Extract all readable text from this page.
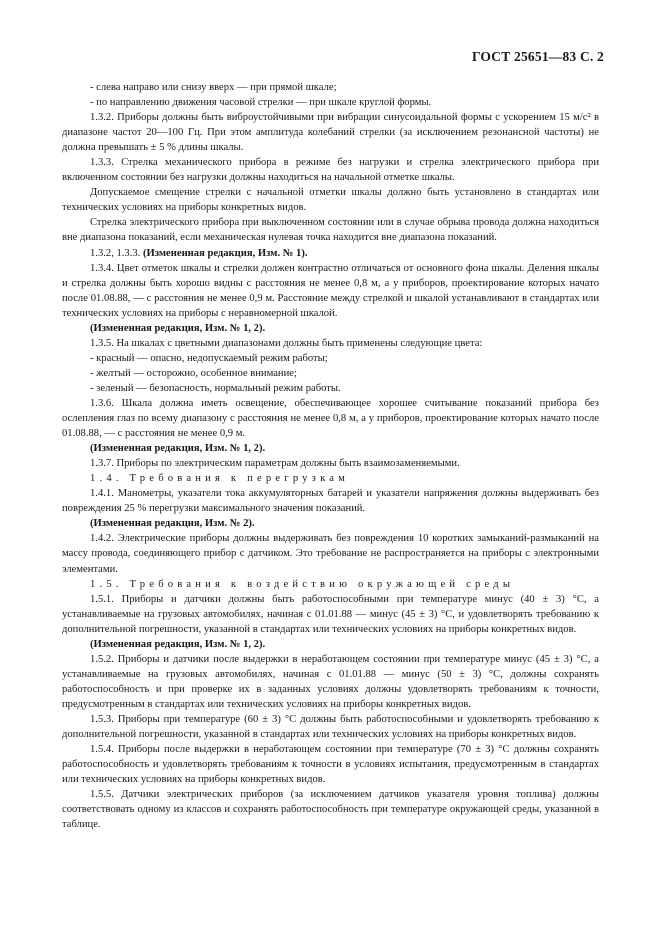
ГОСТ 25651—83 С. 2

- слева направо или снизу вверх — при прямой шкале;

- по направлению движения часовой стрелки — при шкале круглой формы.

1.3.2. Приборы должны быть виброустойчивыми при вибрации синусоидальной формы с ускорением 15 м/с² в диапазоне частот 20—100 Гц. При этом амплитуда колебаний стрелки (за исключением резонансной частоты) не должна превышать ± 5 % длины шкалы.

1.3.3. Стрелка механического прибора в режиме без нагрузки и стрелка электрического прибора при включенном состоянии без нагрузки должны находиться на начальной отметке шкалы.

Допускаемое смещение стрелки с начальной отметки шкалы должно быть установлено в стандартах или технических условиях на приборы конкретных видов.

Стрелка электрического прибора при выключенном состоянии или в случае обрыва провода должна находиться вне диапазона показаний, если механическая нулевая точка находится вне диапазона показаний.

1.3.2, 1.3.3. (Измененная редакция, Изм. № 1).

1.3.4. Цвет отметок шкалы и стрелки должен контрастно отличаться от основного фона шкалы. Деления шкалы и стрелка должны быть хорошо видны с расстояния не менее 0,8 м, а у приборов, проектирование которых начато после 01.08.88, — с расстояния не менее 0,9 м. Расстояние между стрелкой и шкалой устанавливают в стандартах или технических условиях на приборы с неравномерной шкалой.

(Измененная редакция, Изм. № 1, 2).

1.3.5. На шкалах с цветными диапазонами должны быть применены следующие цвета:

- красный — опасно, недопускаемый режим работы;

- желтый — осторожно, особенное внимание;

- зеленый — безопасность, нормальный режим работы.

1.3.6. Шкала должна иметь освещение, обеспечивающее хорошее считывание показаний прибора без ослепления глаз по всему диапазону с расстояния не менее 0,8 м, а у приборов, проектирование которых начато после 01.08.88, — с расстояния не менее 0,9 м.

(Измененная редакция, Изм. № 1, 2).

1.3.7. Приборы по электрическим параметрам должны быть взаимозаменяемыми.

1.4. Требования к перегрузкам

1.4.1. Манометры, указатели тока аккумуляторных батарей и указатели напряжения должны выдерживать без повреждения 25 % перегрузки максимального значения показаний.

(Измененная редакция, Изм. № 2).

1.4.2. Электрические приборы должны выдерживать без повреждения 10 коротких замыканий-размыканий на массу провода, соединяющего прибор с датчиком. Это требование не распространяется на приборы с электронными элементами.

1.5. Требования к воздействию окружающей среды

1.5.1. Приборы и датчики должны быть работоспособными при температуре минус (40 ± 3) °С, а устанавливаемые на грузовых автомобилях, начиная с 01.01.88 — минус (45 ± 3) °С, и удовлетворять требованию к дополнительной погрешности, указанной в стандартах или технических условиях на приборы конкретных видов.

(Измененная редакция, Изм. № 1, 2).

1.5.2. Приборы и датчики после выдержки в неработающем состоянии при температуре минус (45 ± 3) °С, а устанавливаемые на грузовых автомобилях, начиная с 01.01.88 — минус (50 ± 3) °С, должны сохранять работоспособность и при проверке их в заданных условиях должны удовлетворять требованиям к точности, предусмотренным в стандартах или технических условиях на приборы конкретных видов.

1.5.3. Приборы при температуре (60 ± 3) °С должны быть работоспособными и удовлетворять требованию к дополнительной погрешности, указанной в стандартах или технических условиях на приборы конкретных видов.

1.5.4. Приборы после выдержки в неработающем состоянии при температуре (70 ± 3) °С должны сохранять работоспособность и удовлетворять требованиям к точности в условиях испытания, предусмотренным в стандартах или технических условиях на приборы конкретных видов.

1.5.5. Датчики электрических приборов (за исключением датчиков указателя уровня топлива) должны соответствовать одному из классов и сохранять работоспособность при температуре окружающей среды, указанной в таблице.
